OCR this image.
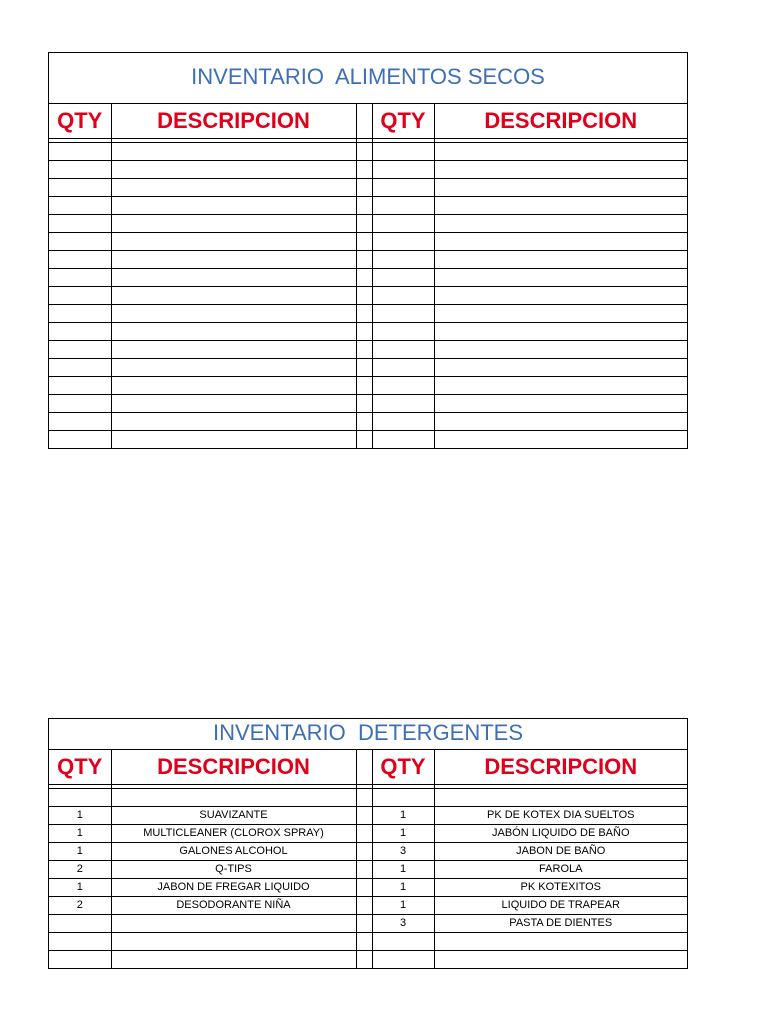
INVENTARIO  ALIMENTOS SECOS
QTY	DESCRIPCION		QTY	DESCRIPCION

INVENTARIO  DETERGENTES
QTY	DESCRIPCION		QTY	DESCRIPCION

1	SUAVIZANTE		1	PK DE KOTEX DIA SUELTOS
1	MULTICLEANER (CLOROX SPRAY)		1	JABÓN LIQUIDO DE BAÑO
1	GALONES ALCOHOL		3	JABON DE BAÑO
2	Q-TIPS		1	FAROLA
1	JABON DE FREGAR LIQUIDO		1	PK KOTEXITOS
2	DESODORANTE NIÑA		1	LIQUIDO DE TRAPEAR
			3	PASTA DE DIENTES
